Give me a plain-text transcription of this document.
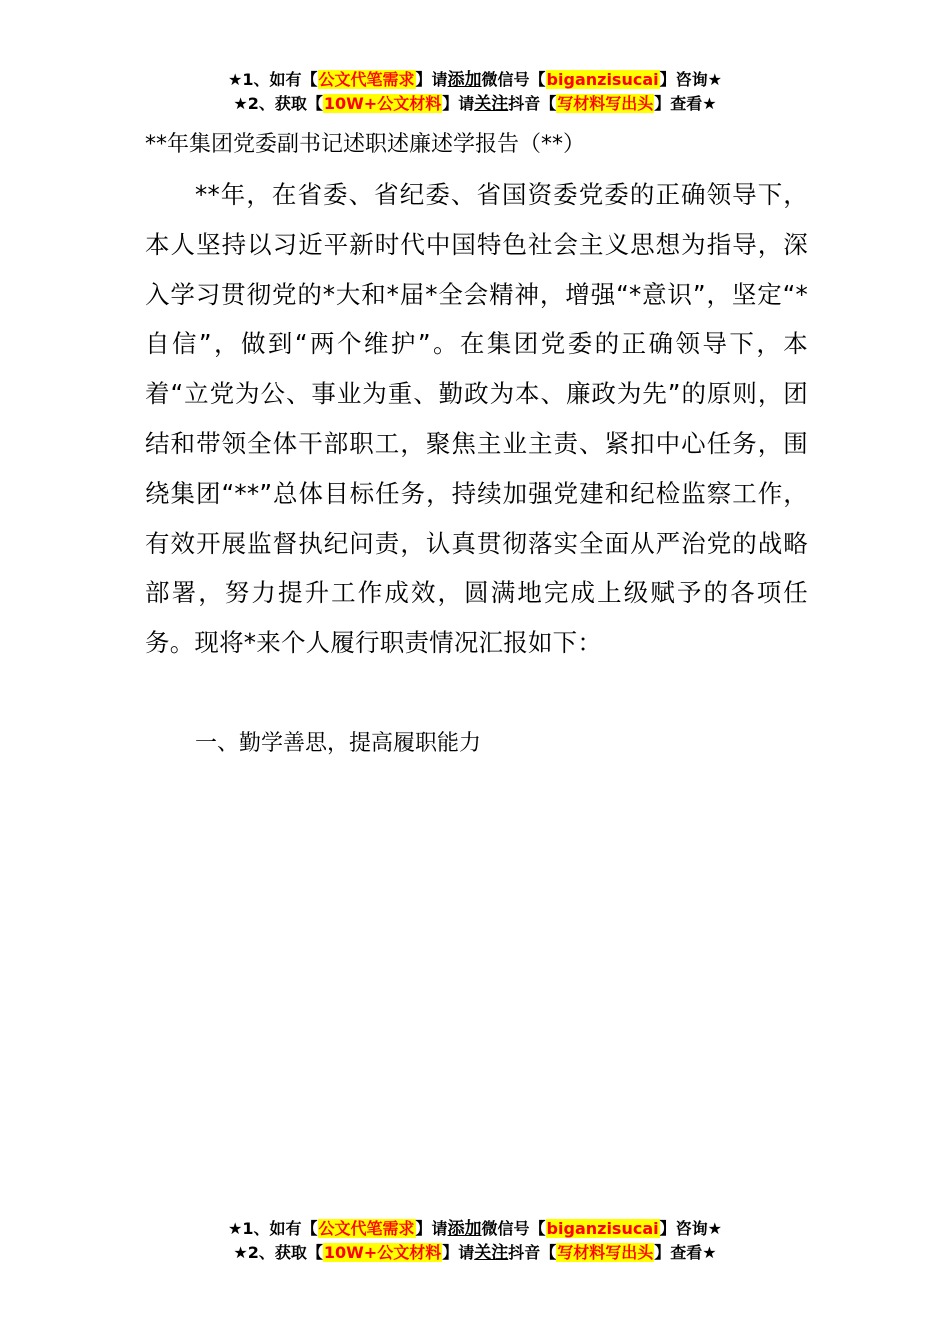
★1、如有【公文代笔需求】请添加微信号【biganzisucai】咨询★
★2、获取【10W+公文材料】请关注抖音【写材料写出头】查看★
**年集团党委副书记述职述廉述学报告（**）

**年，在省委、省纪委、省国资委党委的正确领导下，本人坚持以习近平新时代中国特色社会主义思想为指导，深入学习贯彻党的*大和*届*全会精神，增强“*意识”，坚定“*自信”，做到“两个维护”。在集团党委的正确领导下，本着“立党为公、事业为重、勤政为本、廉政为先”的原则，团结和带领全体干部职工，聚焦主业主责、紧扣中心任务，围绕集团“**”总体目标任务，持续加强党建和纪检监察工作，有效开展监督执纪问责，认真贯彻落实全面从严治党的战略部署，努力提升工作成效，圆满地完成上级赋予的各项任务。现将*来个人履行职责情况汇报如下：

一、勤学善思，提高履职能力
★1、如有【公文代笔需求】请添加微信号【biganzisucai】咨询★
★2、获取【10W+公文材料】请关注抖音【写材料写出头】查看★
